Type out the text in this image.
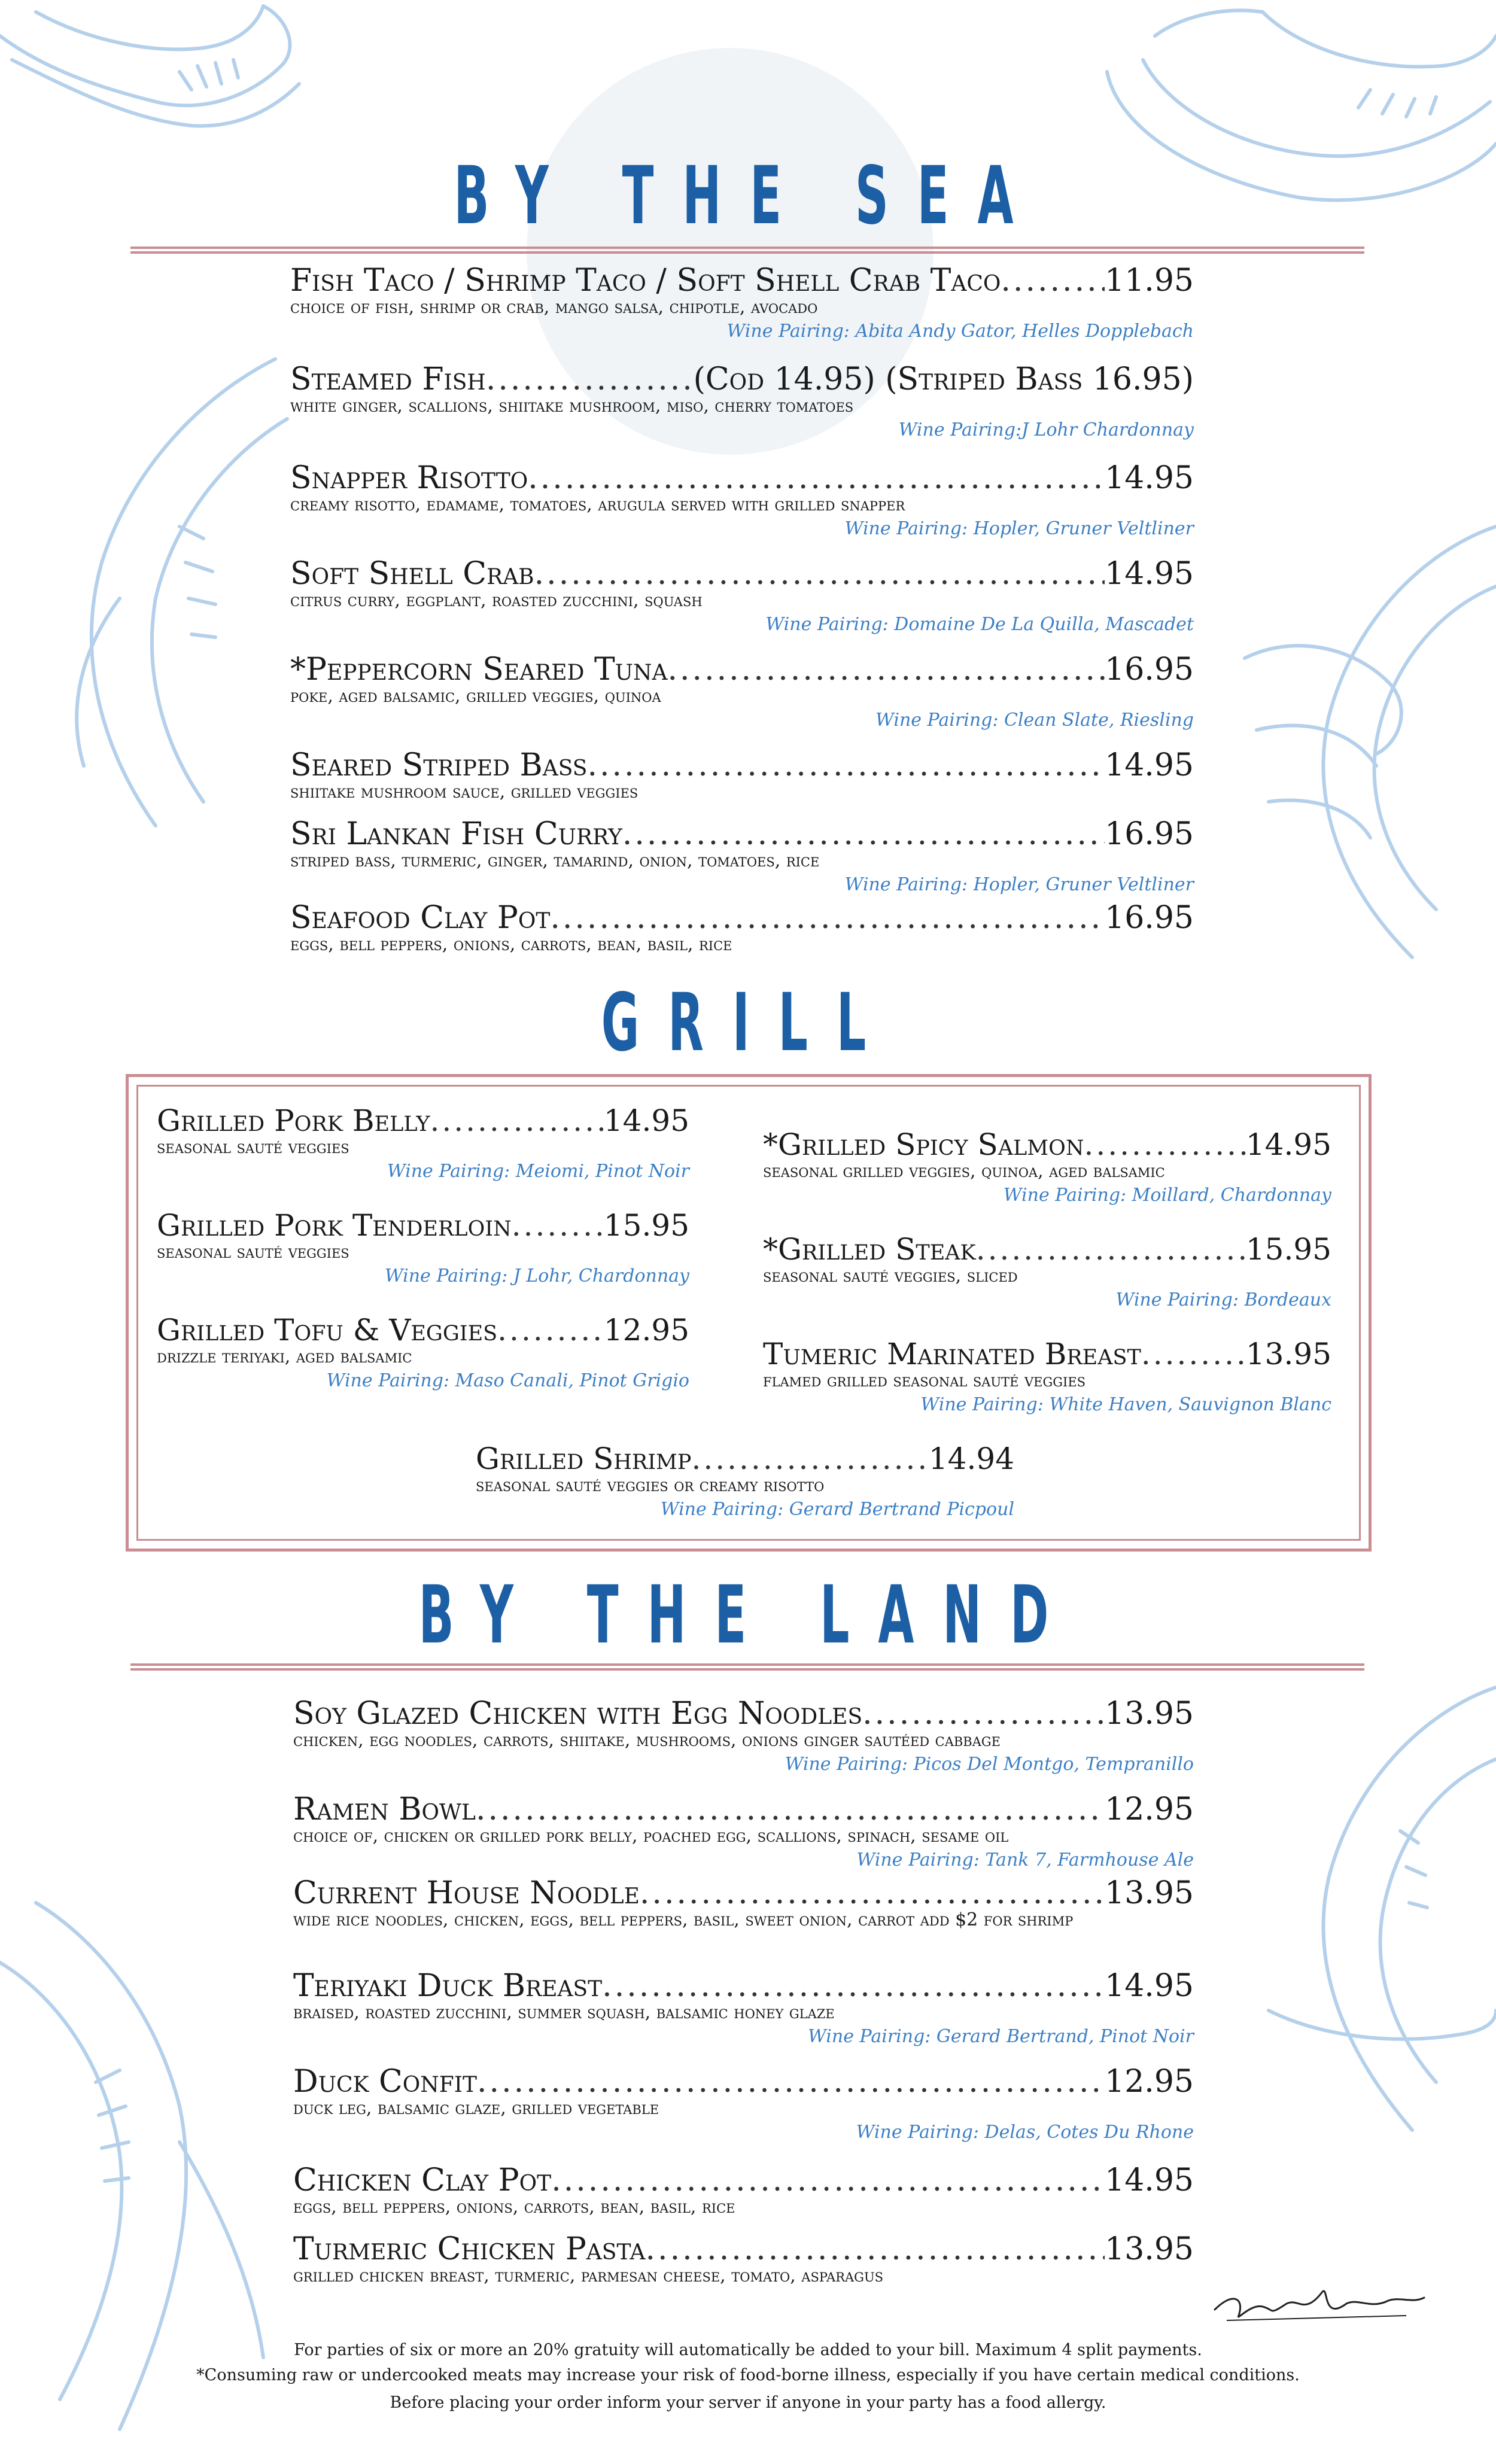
BY THE SEA
GRILL
BY THE LAND
For parties of six or more an 20% gratuity will automatically be added to your bill. Maximum 4 split payments.
*Consuming raw or undercooked meats may increase your risk of food-borne illness, especially if you have certain medical conditions.
Before placing your order inform your server if anyone in your party has a food allergy.
Fish Taco / Shrimp Taco / Soft Shell Crab Taco .....	11.95
choice of fish, shrimp or crab, mango salsa, chipotle, avocado
Wine Pairing: Abita Andy Gator, Helles Dopplebach
Steamed Fish .....	(Cod 14.95) (Striped Bass 16.95)
white ginger, scallions, shiitake mushroom, miso, cherry tomatoes
Wine Pairing:J Lohr Chardonnay
Snapper Risotto .....	14.95
creamy risotto, edamame, tomatoes, arugula served with grilled snapper
Wine Pairing: Hopler, Gruner Veltliner
Soft Shell Crab .....	14.95
citrus curry, eggplant, roasted zucchini, squash
Wine Pairing: Domaine De La Quilla, Mascadet
*Peppercorn Seared Tuna .....	16.95
poke, aged balsamic, grilled veggies, quinoa
Wine Pairing: Clean Slate, Riesling
Seared Striped Bass .....	14.95
shiitake mushroom sauce, grilled veggies
Sri Lankan Fish Curry .....	16.95
striped bass, turmeric, ginger, tamarind, onion, tomatoes, rice
Wine Pairing: Hopler, Gruner Veltliner
Seafood Clay Pot .....	16.95
eggs, bell peppers, onions, carrots, bean, basil, rice
Grilled Pork Belly .....	14.95
seasonal sauté veggies
Wine Pairing: Meiomi, Pinot Noir
Grilled Pork Tenderloin .....	15.95
seasonal sauté veggies
Wine Pairing: J Lohr, Chardonnay
Grilled Tofu & Veggies .....	12.95
drizzle teriyaki, aged balsamic
Wine Pairing: Maso Canali, Pinot Grigio
*Grilled Spicy Salmon .....	14.95
seasonal grilled veggies, quinoa, aged balsamic
Wine Pairing: Moillard, Chardonnay
*Grilled Steak .....	15.95
seasonal sauté veggies, sliced
Wine Pairing: Bordeaux
Tumeric Marinated Breast .....	13.95
flamed grilled seasonal sauté veggies
Wine Pairing: White Haven, Sauvignon Blanc
Grilled Shrimp .....	14.94
seasonal sauté veggies or creamy risotto
Wine Pairing: Gerard Bertrand Picpoul
Soy Glazed Chicken with Egg Noodles .....	13.95
chicken, egg noodles, carrots, shiitake, mushrooms, onions ginger sautéed cabbage
Wine Pairing: Picos Del Montgo, Tempranillo
Ramen Bowl .....	12.95
choice of, chicken or grilled pork belly, poached egg, scallions, spinach, sesame oil
Wine Pairing: Tank 7, Farmhouse Ale
Current House Noodle .....	13.95
wide rice noodles, chicken, eggs, bell peppers, basil, sweet onion, carrot add $2 for shrimp
Teriyaki Duck Breast .....	14.95
braised, roasted zucchini, summer squash, balsamic honey glaze
Wine Pairing: Gerard Bertrand, Pinot Noir
Duck Confit .....	12.95
duck leg, balsamic glaze, grilled vegetable
Wine Pairing: Delas, Cotes Du Rhone
Chicken Clay Pot .....	14.95
eggs, bell peppers, onions, carrots, bean, basil, rice
Turmeric Chicken Pasta .....	13.95
grilled chicken breast, turmeric, parmesan cheese, tomato, asparagus
